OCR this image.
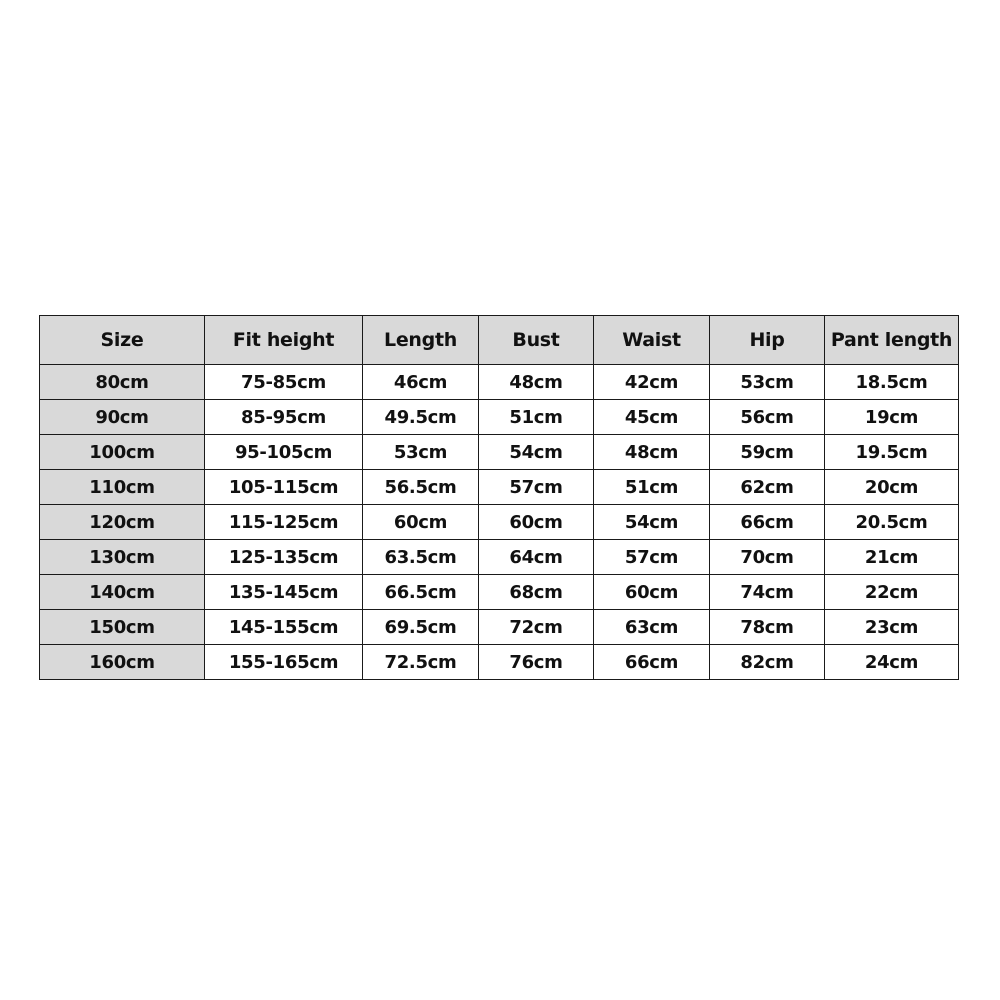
Size	Fit height	Length	Bust	Waist	Hip	Pant length
80cm	75-85cm	46cm	48cm	42cm	53cm	18.5cm
90cm	85-95cm	49.5cm	51cm	45cm	56cm	19cm
100cm	95-105cm	53cm	54cm	48cm	59cm	19.5cm
110cm	105-115cm	56.5cm	57cm	51cm	62cm	20cm
120cm	115-125cm	60cm	60cm	54cm	66cm	20.5cm
130cm	125-135cm	63.5cm	64cm	57cm	70cm	21cm
140cm	135-145cm	66.5cm	68cm	60cm	74cm	22cm
150cm	145-155cm	69.5cm	72cm	63cm	78cm	23cm
160cm	155-165cm	72.5cm	76cm	66cm	82cm	24cm
